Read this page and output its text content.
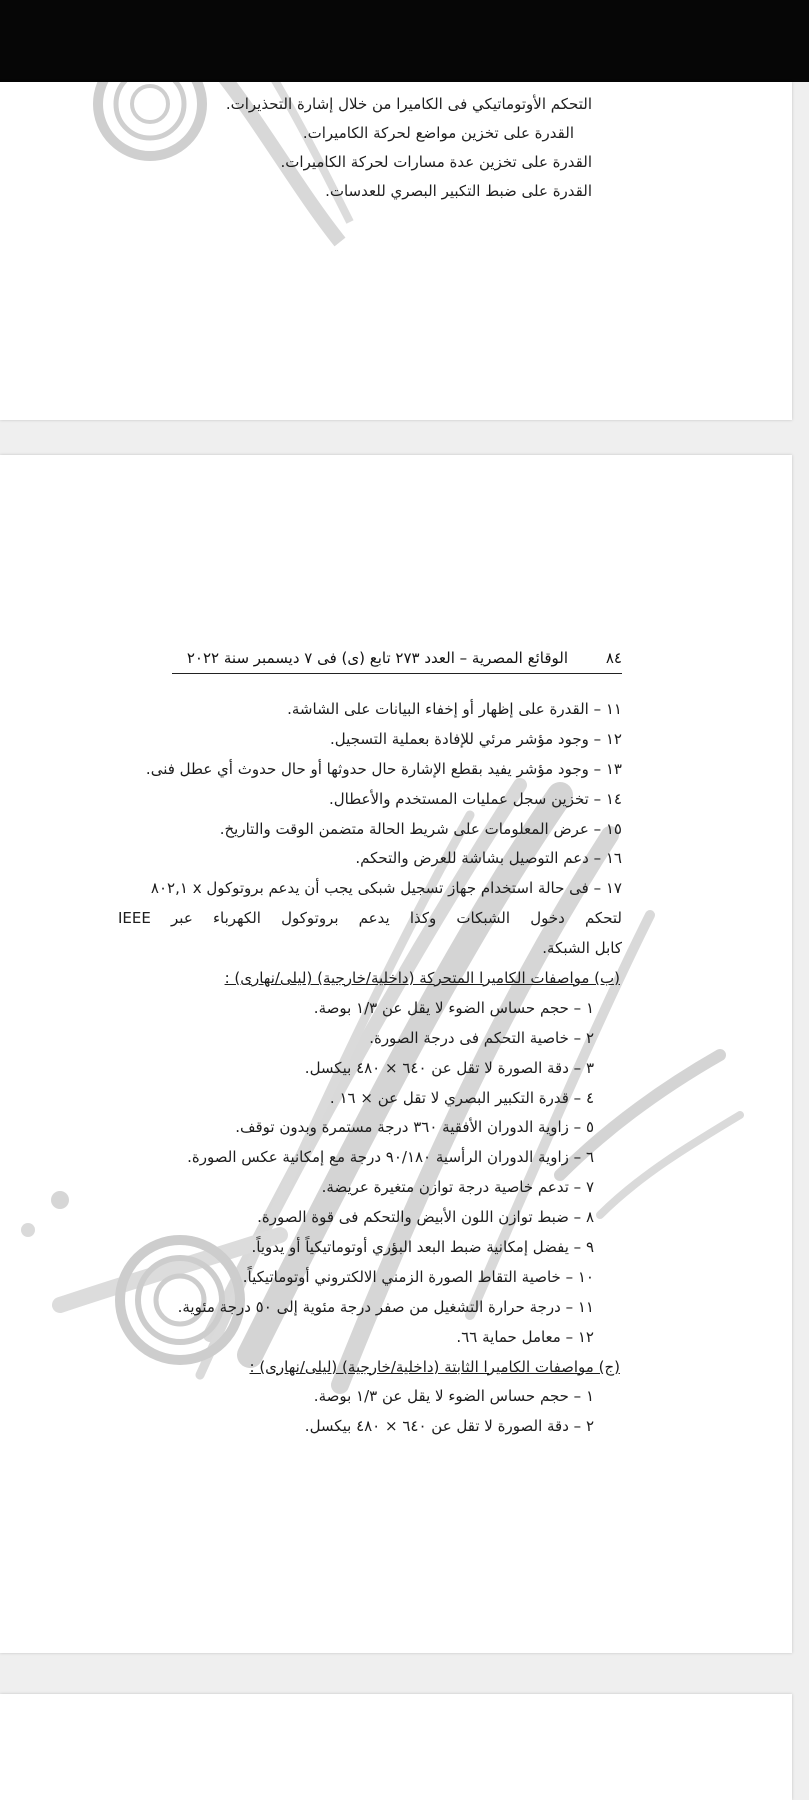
التحكم الأوتوماتيكي فى الكاميرا من خلال إشارة التحذيرات.
القدرة على تخزين مواضع لحركة الكاميرات.
القدرة على تخزين عدة مسارات لحركة الكاميرات.
القدرة على ضبط التكبير البصري للعدسات.
٨٤
الوقائع المصرية – العدد ٢٧٣ تابع (ى) فى ٧ ديسمبر سنة ٢٠٢٢
١١ – القدرة على إظهار أو إخفاء البيانات على الشاشة.
١٢ – وجود مؤشر مرئي للإفادة بعملية التسجيل.
١٣ – وجود مؤشر يفيد بقطع الإشارة حال حدوثها أو حال حدوث أي عطل فنى.
١٤ – تخزين سجل عمليات المستخدم والأعطال.
١٥ – عرض المعلومات على شريط الحالة متضمن الوقت والتاريخ.
١٦ – دعم التوصيل بشاشة للعرض والتحكم.
١٧ – فى حالة استخدام جهاز تسجيل شبكى يجب أن يدعم بروتوكول x ٨٠٢,١
IEEE لتحكم دخول الشبكات وكذا يدعم بروتوكول الكهرباء عبر
كابل الشبكة.
(ب) مواصفات الكاميرا المتحركة (داخلية/خارجية) (ليلى/نهارى) :
١ – حجم حساس الضوء لا يقل عن ١/٣ بوصة.
٢ – خاصية التحكم فى درجة الصورة.
٣ – دقة الصورة لا تقل عن ٦٤٠ × ٤٨٠ بيكسل.
٤ – قدرة التكبير البصري لا تقل عن × ١٦ .
٥ – زاوية الدوران الأفقية ٣٦٠ درجة مستمرة وبدون توقف.
٦ – زاوية الدوران الرأسية ٩٠/١٨٠ درجة مع إمكانية عكس الصورة.
٧ – تدعم خاصية درجة توازن متغيرة عريضة.
٨ – ضبط توازن اللون الأبيض والتحكم فى قوة الصورة.
٩ – يفضل إمكانية ضبط البعد البؤري أوتوماتيكياً أو يدوياً.
١٠ – خاصية التقاط الصورة الزمني الالكتروني أوتوماتيكياً.
١١ – درجة حرارة التشغيل من صفر درجة مئوية إلى ٥٠ درجة مئوية.
١٢ – معامل حماية ٦٦.
(ج) مواصفات الكاميرا الثابتة (داخلية/خارجية) (ليلى/نهارى) :
١ – حجم حساس الضوء لا يقل عن ١/٣ بوصة.
٢ – دقة الصورة لا تقل عن ٦٤٠ × ٤٨٠ بيكسل.
